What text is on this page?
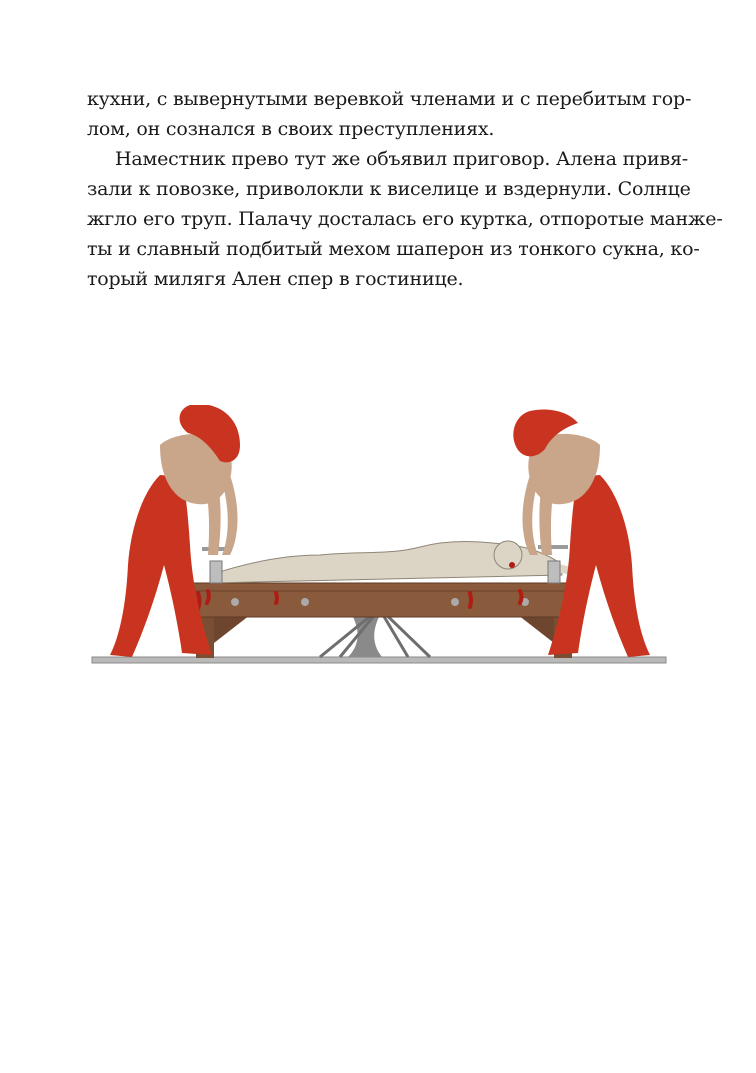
кухни, с вывернутыми веревкой членами и с перебитым гор-
лом, он сознался в своих преступлениях.

Наместник прево тут же объявил приговор. Алена привя-
зали к повозке, приволокли к виселице и вздернули. Солнце
жгло его труп. Палачу досталась его куртка, отпоротые манже-
ты и славный подбитый мехом шаперон из тонкого сукна, ко-
торый милягя Ален спер в гостинице.
